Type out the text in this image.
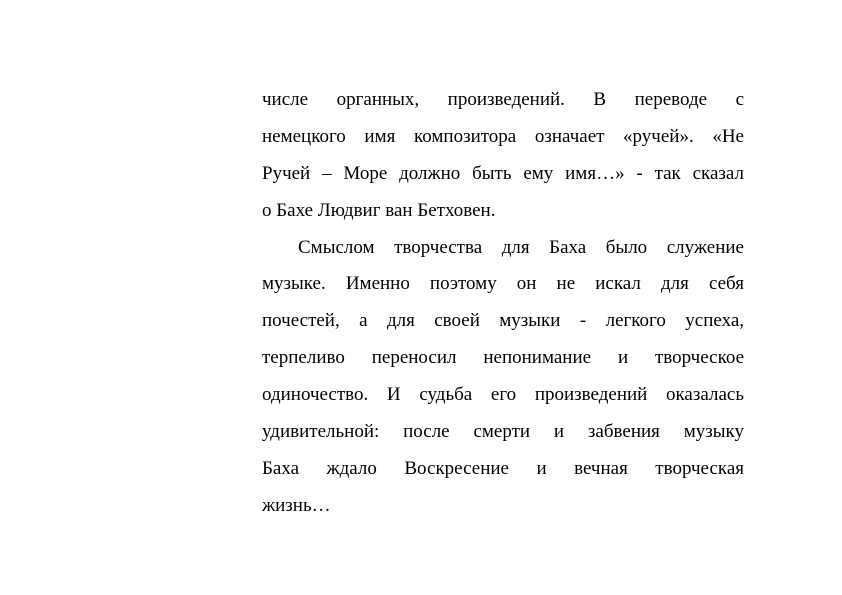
числе органных, произведений. В переводе с
немецкого имя композитора означает «ручей». «Не
Ручей – Море должно быть ему имя…» - так сказал
о Бахе Людвиг ван Бетховен.
Смыслом творчества для Баха было служение
музыке. Именно поэтому он не искал для себя
почестей, а для своей музыки - легкого успеха,
терпеливо переносил непонимание и творческое
одиночество. И судьба его произведений оказалась
удивительной: после смерти и забвения музыку
Баха ждало Воскресение и вечная творческая
жизнь…
